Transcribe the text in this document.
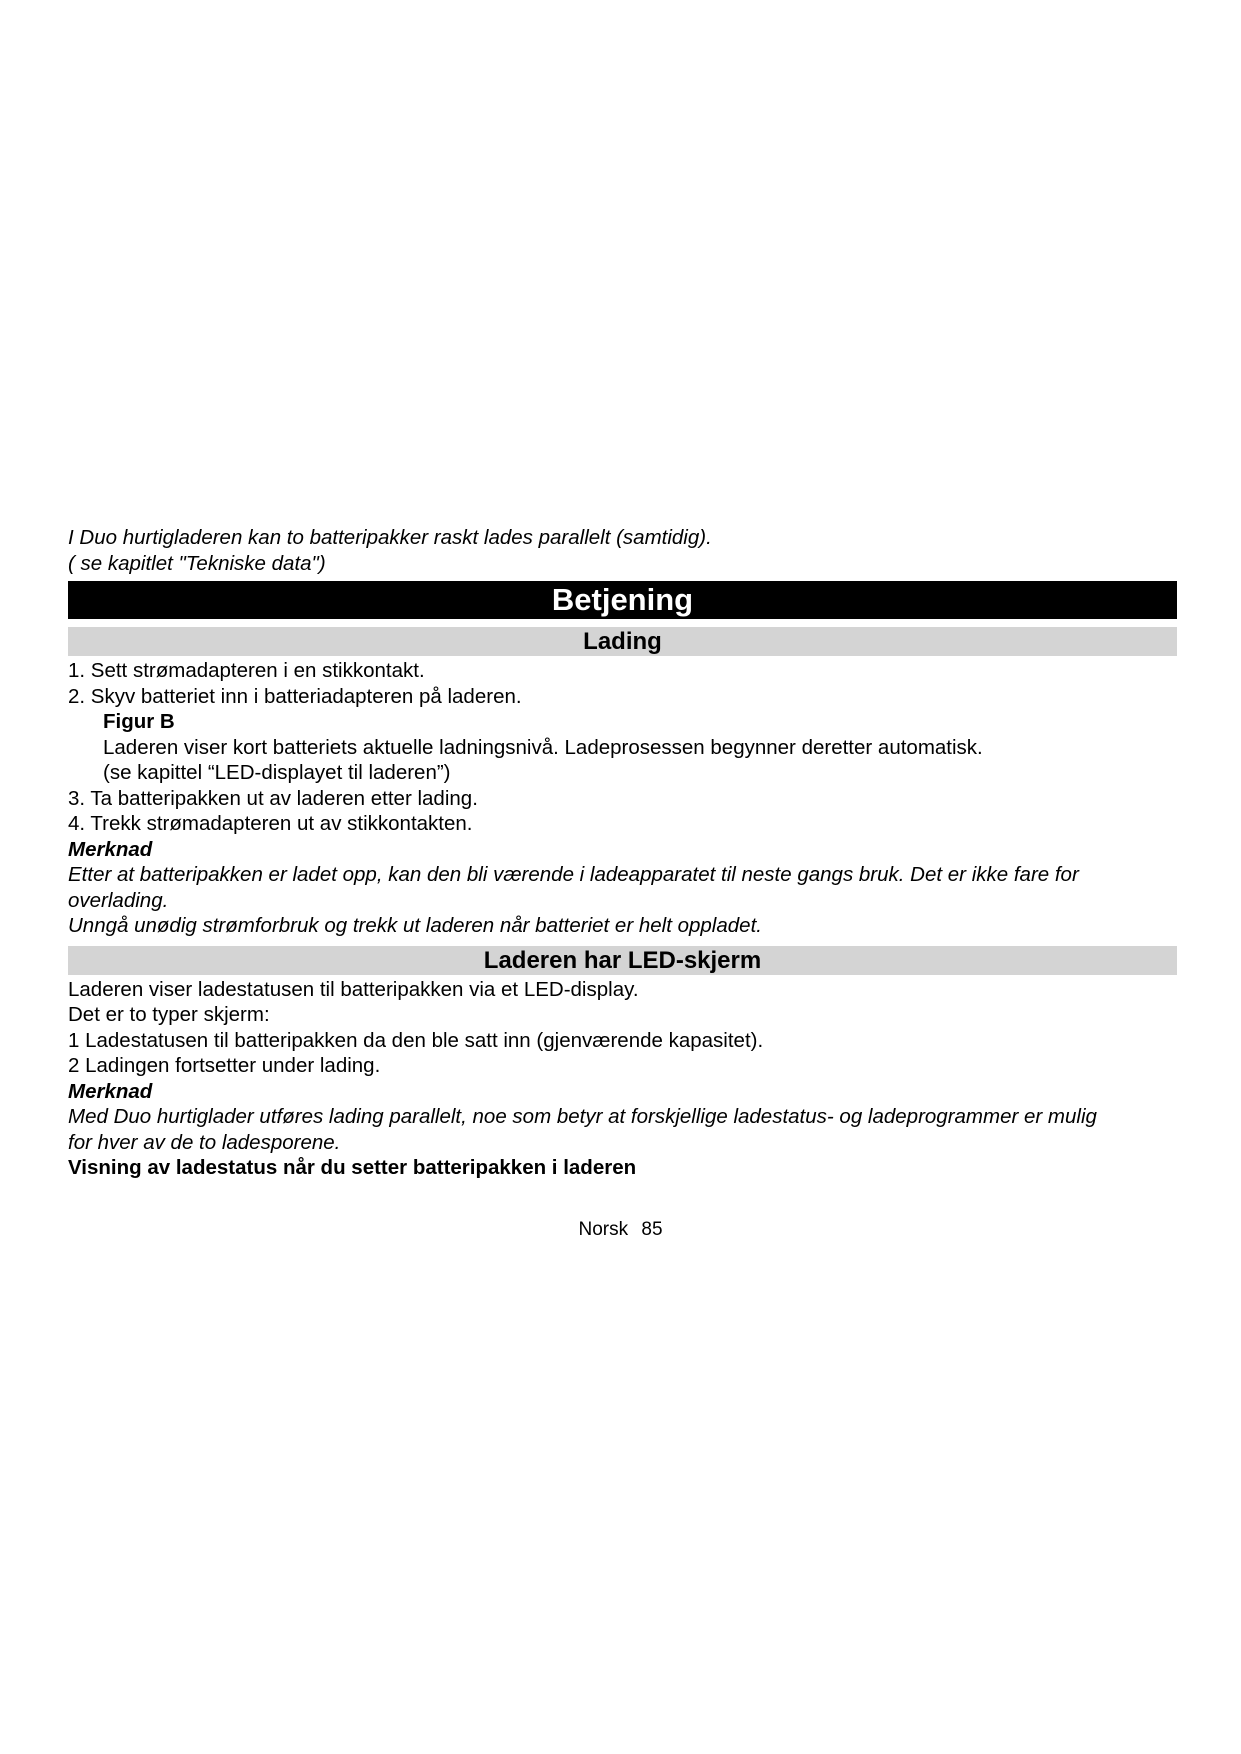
I Duo hurtigladeren kan to batteripakker raskt lades parallelt (samtidig).
( se kapitlet "Tekniske data")
Betjening
Lading
1. Sett strømadapteren i en stikkontakt.
2. Skyv batteriet inn i batteriadapteren på laderen.
Figur B
Laderen viser kort batteriets aktuelle ladningsnivå. Ladeprosessen begynner deretter automatisk.
(se kapittel “LED-displayet til laderen”)
3. Ta batteripakken ut av laderen etter lading.
4. Trekk strømadapteren ut av stikkontakten.
Merknad
Etter at batteripakken er ladet opp, kan den bli værende i ladeapparatet til neste gangs bruk. Det er ikke fare for
overlading.
Unngå unødig strømforbruk og trekk ut laderen når batteriet er helt oppladet.
Laderen har LED-skjerm
Laderen viser ladestatusen til batteripakken via et LED-display.
Det er to typer skjerm:
1 Ladestatusen til batteripakken da den ble satt inn (gjenværende kapasitet).
2 Ladingen fortsetter under lading.
Merknad
Med Duo hurtiglader utføres lading parallelt, noe som betyr at forskjellige ladestatus- og ladeprogrammer er mulig
for hver av de to ladesporene.
Visning av ladestatus når du setter batteripakken i laderen
Norsk 85
